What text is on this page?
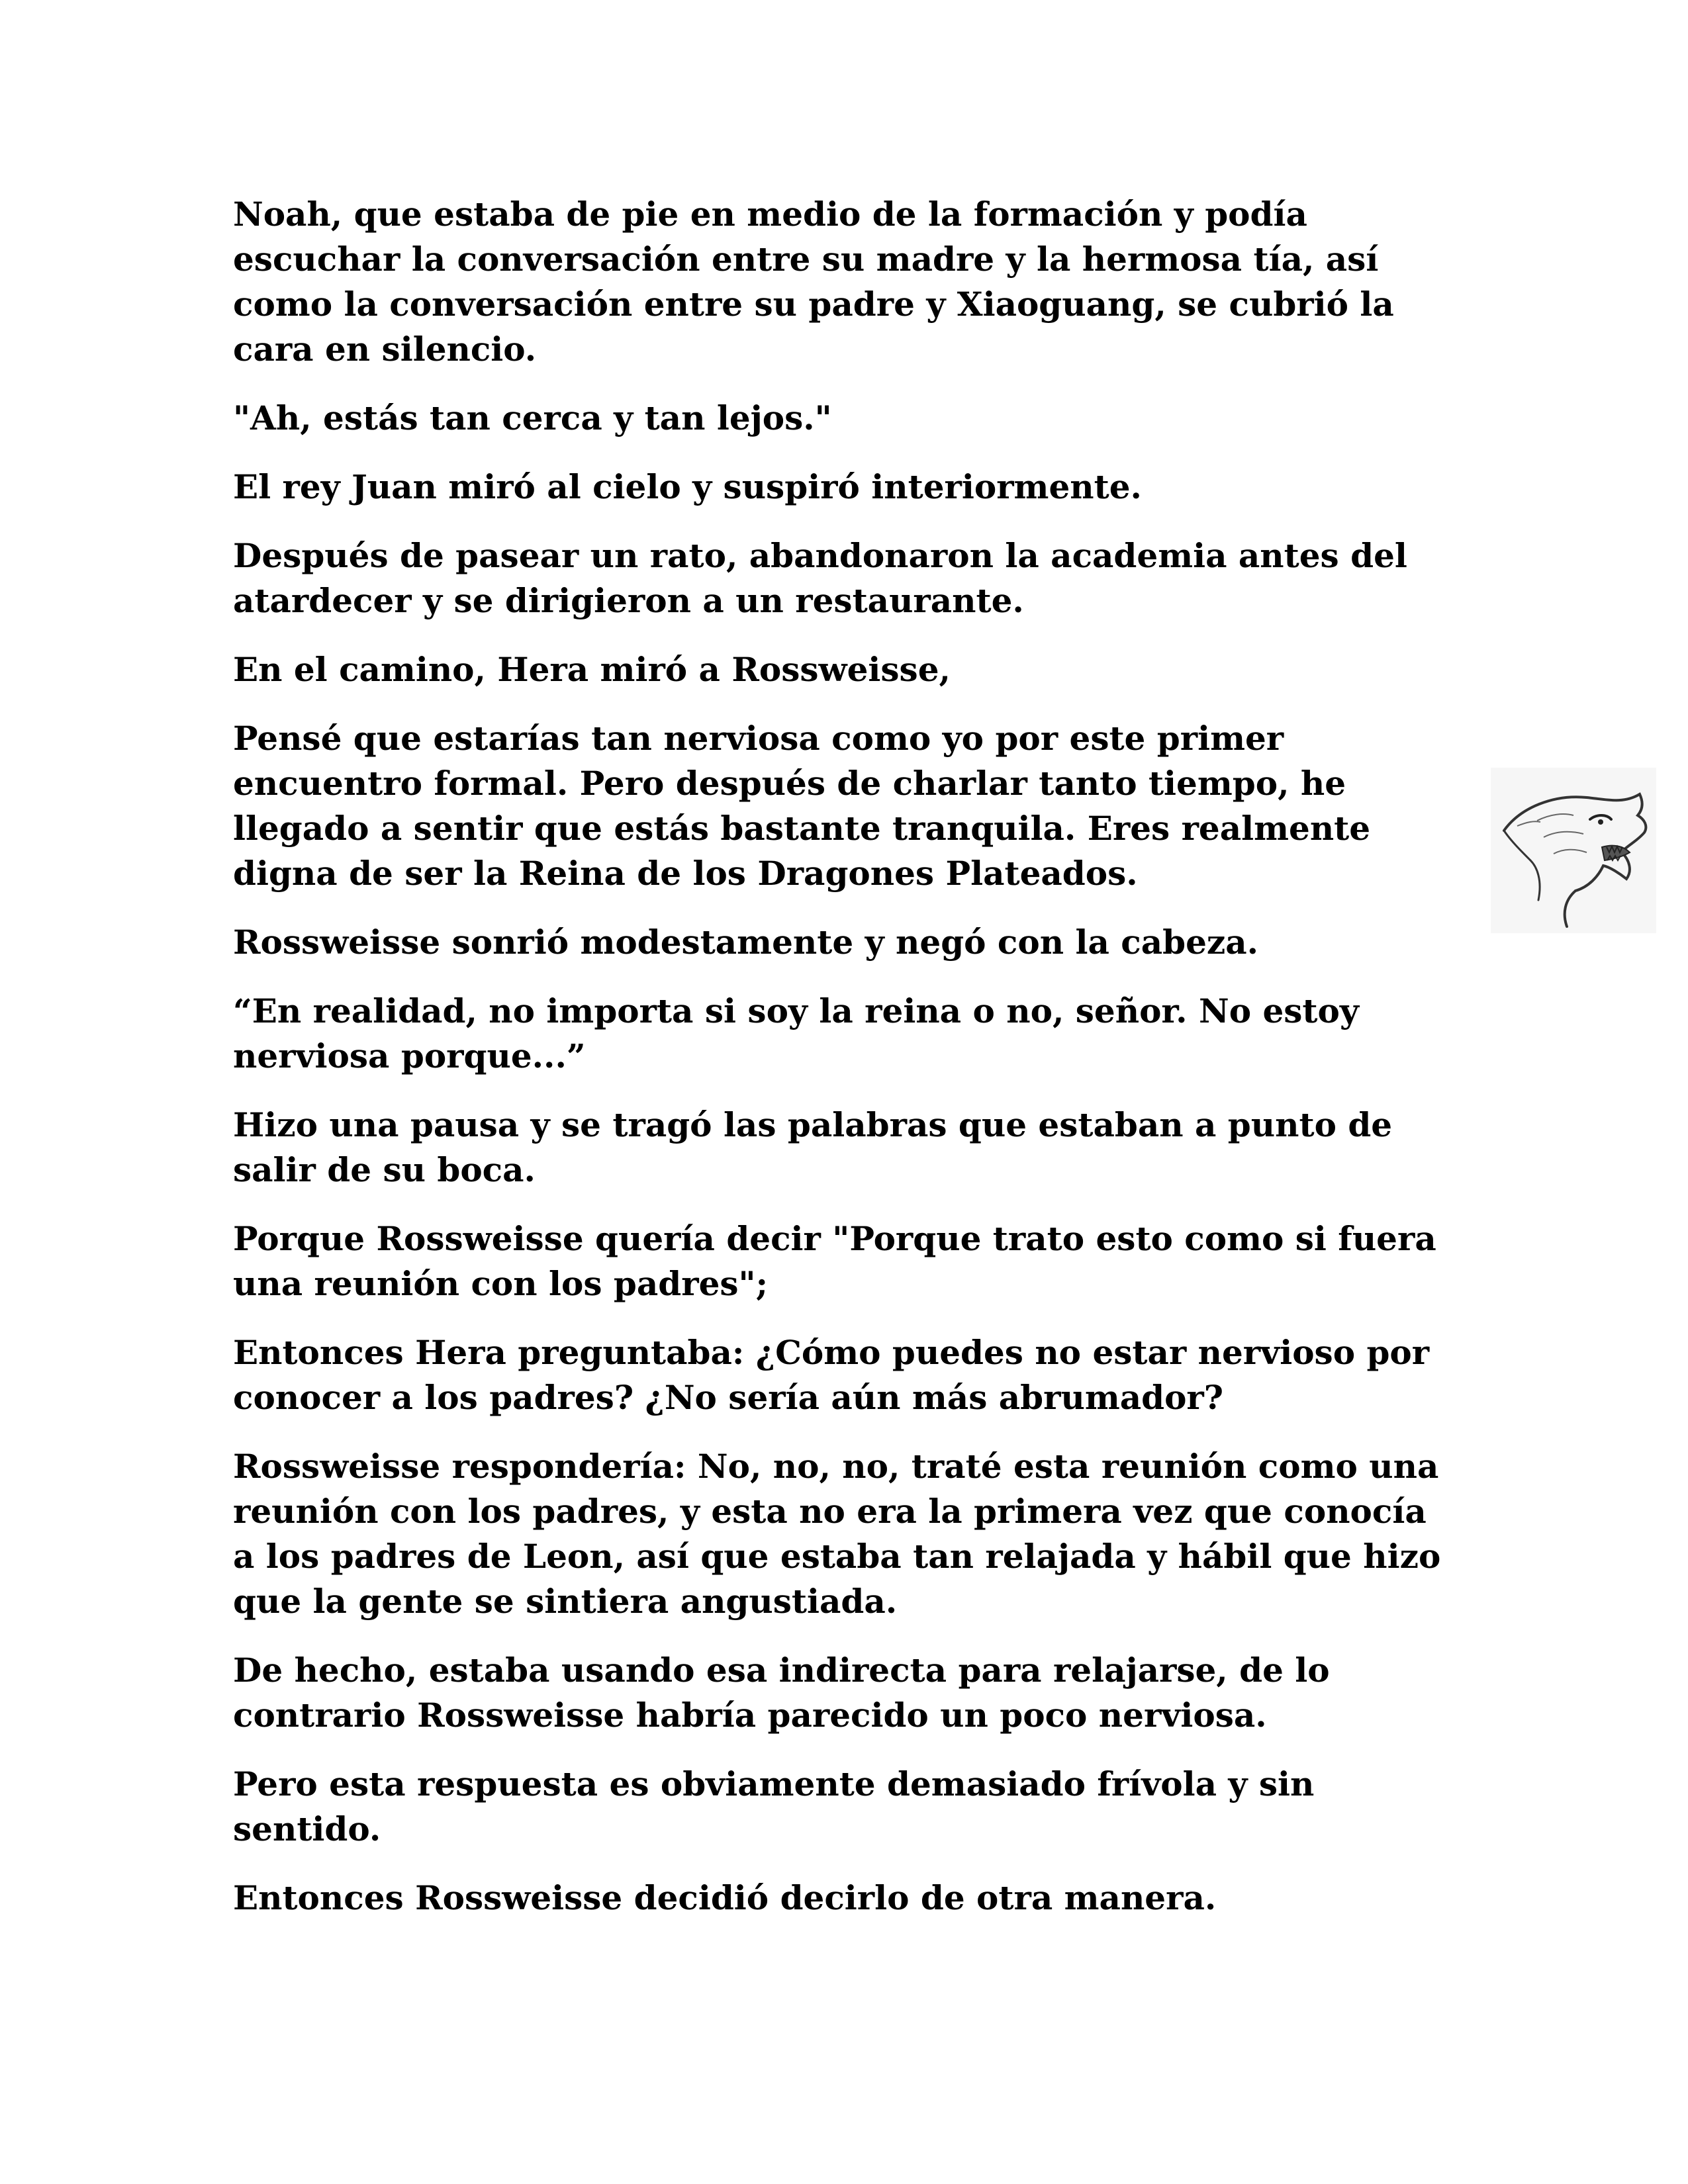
Noah, que estaba de pie en medio de la formación y podía escuchar la conversación entre su madre y la hermosa tía, así como la conversación entre su padre y Xiaoguang, se cubrió la cara en silencio.

"Ah, estás tan cerca y tan lejos."

El rey Juan miró al cielo y suspiró interiormente.

Después de pasear un rato, abandonaron la academia antes del atardecer y se dirigieron a un restaurante.

En el camino, Hera miró a Rossweisse,

Pensé que estarías tan nerviosa como yo por este primer encuentro formal. Pero después de charlar tanto tiempo, he llegado a sentir que estás bastante tranquila. Eres realmente digna de ser la Reina de los Dragones Plateados.

Rossweisse sonrió modestamente y negó con la cabeza.

“En realidad, no importa si soy la reina o no, señor. No estoy nerviosa porque...”

Hizo una pausa y se tragó las palabras que estaban a punto de salir de su boca.

Porque Rossweisse quería decir "Porque trato esto como si fuera una reunión con los padres";

Entonces Hera preguntaba: ¿Cómo puedes no estar nervioso por conocer a los padres? ¿No sería aún más abrumador?

Rossweisse respondería: No, no, no, traté esta reunión como una reunión con los padres, y esta no era la primera vez que conocía a los padres de Leon, así que estaba tan relajada y hábil que hizo que la gente se sintiera angustiada.

De hecho, estaba usando esa indirecta para relajarse, de lo contrario Rossweisse habría parecido un poco nerviosa.

Pero esta respuesta es obviamente demasiado frívola y sin sentido.

Entonces Rossweisse decidió decirlo de otra manera.
